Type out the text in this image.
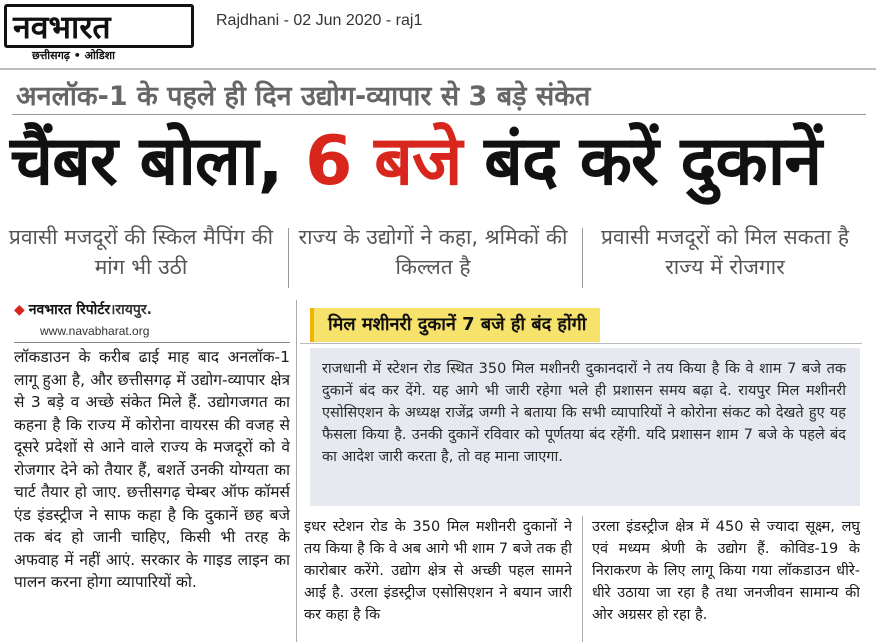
नवभारत
छत्तीसगढ़ • ओडिशा
Rajdhani - 02 Jun 2020 - raj1
अनलॉक-1 के पहले ही दिन उद्योग-व्यापार से 3 बड़े संकेत
चैंबर बोला, 6 बजे बंद करें दुकानें
प्रवासी मजदूरों की स्किल मैपिंग की मांग भी उठी
राज्य के उद्योगों ने कहा, श्रमिकों की किल्लत है
प्रवासी मजदूरों को मिल सकता है राज्य में रोजगार
◆ नवभारत रिपोर्टर।रायपुर.
www.navabharat.org
लॉकडाउन के करीब ढाई माह बाद अनलॉक-1 लागू हुआ है, और छत्तीसगढ़ में उद्योग-व्यापार क्षेत्र से 3 बड़े व अच्छे संकेत मिले हैं. उद्योगजगत का कहना है कि राज्य में कोरोना वायरस की वजह से दूसरे प्रदेशों से आने वाले राज्य के मजदूरों को वे रोजगार देने को तैयार हैं, बशर्ते उनकी योग्यता का चार्ट तैयार हो जाए. छत्तीसगढ़ चेम्बर ऑफ कॉमर्स एंड इंडस्ट्रीज ने साफ कहा है कि दुकानें छह बजे तक बंद हो जानी चाहिए, किसी भी तरह के अफवाह में नहीं आएं. सरकार के गाइड लाइन का पालन करना होगा व्यापारियों को.
मिल मशीनरी दुकानें 7 बजे ही बंद होंगी
राजधानी में स्टेशन रोड स्थित 350 मिल मशीनरी दुकानदारों ने तय किया है कि वे शाम 7 बजे तक दुकानें बंद कर देंगे. यह आगे भी जारी रहेगा भले ही प्रशासन समय बढ़ा दे. रायपुर मिल मशीनरी एसोसिएशन के अध्यक्ष राजेंद्र जग्गी ने बताया कि सभी व्यापारियों ने कोरोना संकट को देखते हुए यह फैसला किया है. उनकी दुकानें रविवार को पूर्णतया बंद रहेंगी. यदि प्रशासन शाम 7 बजे के पहले बंद का आदेश जारी करता है, तो वह माना जाएगा.
इधर स्टेशन रोड के 350 मिल मशीनरी दुकानों ने तय किया है कि वे अब आगे भी शाम 7 बजे तक ही कारोबार करेंगे. उद्योग क्षेत्र से अच्छी पहल सामने आई है. उरला इंडस्ट्रीज एसोसिएशन ने बयान जारी कर कहा है कि
उरला इंडस्ट्रीज क्षेत्र में 450 से ज्यादा सूक्ष्म, लघु एवं मध्यम श्रेणी के उद्योग हैं. कोविड-19 के निराकरण के लिए लागू किया गया लॉकडाउन धीरे-धीरे उठाया जा रहा है तथा जनजीवन सामान्य की ओर अग्रसर हो रहा है.
